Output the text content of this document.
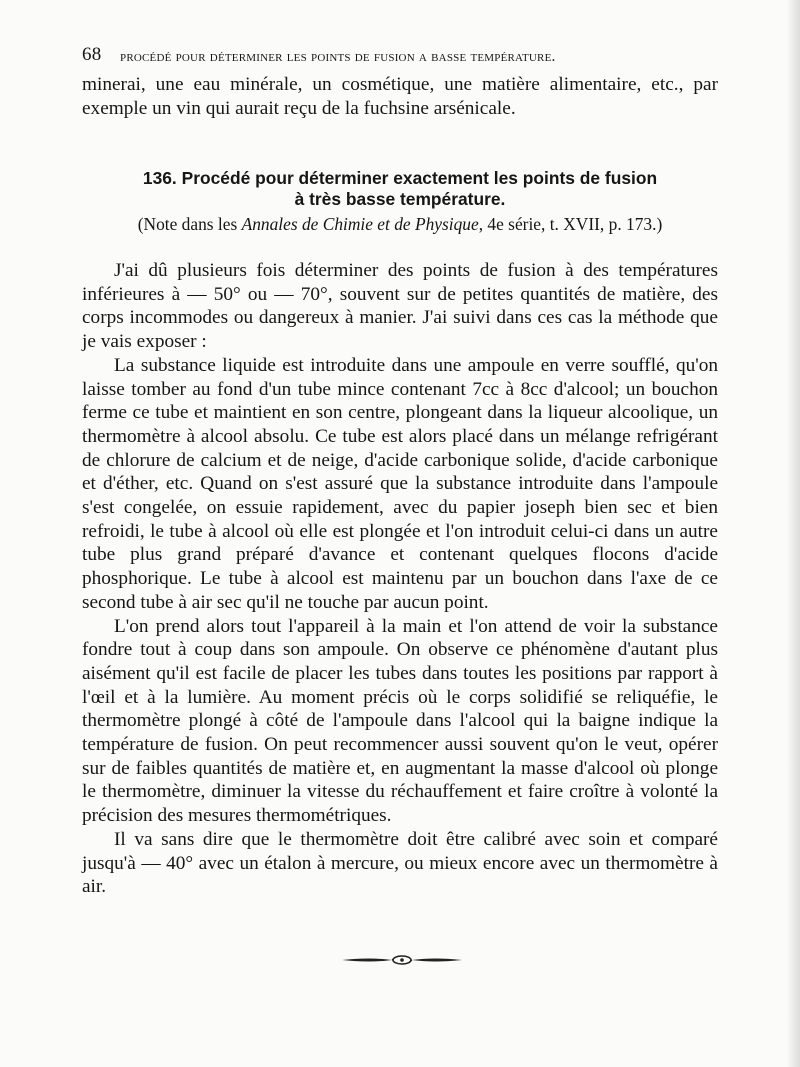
68 procédé pour déterminer les points de fusion a basse température.

minerai, une eau minérale, un cosmétique, une matière alimentaire, etc., par exemple un vin qui aurait reçu de la fuchsine arsénicale.

136. Procédé pour déterminer exactement les points de fusion
à très basse température.
(Note dans les Annales de Chimie et de Physique, 4e série, t. XVII, p. 173.)

J'ai dû plusieurs fois déterminer des points de fusion à des températures inférieures à — 50° ou — 70°, souvent sur de petites quantités de matière, des corps incommodes ou dangereux à manier. J'ai suivi dans ces cas la méthode que je vais exposer :

La substance liquide est introduite dans une ampoule en verre soufflé, qu'on laisse tomber au fond d'un tube mince contenant 7cc à 8cc d'alcool; un bouchon ferme ce tube et maintient en son centre, plongeant dans la liqueur alcoolique, un thermomètre à alcool absolu. Ce tube est alors placé dans un mélange refrigérant de chlorure de calcium et de neige, d'acide carbonique solide, d'acide carbonique et d'éther, etc. Quand on s'est assuré que la substance introduite dans l'ampoule s'est congelée, on essuie rapidement, avec du papier joseph bien sec et bien refroidi, le tube à alcool où elle est plongée et l'on introduit celui-ci dans un autre tube plus grand préparé d'avance et contenant quelques flocons d'acide phosphorique. Le tube à alcool est maintenu par un bouchon dans l'axe de ce second tube à air sec qu'il ne touche par aucun point.

L'on prend alors tout l'appareil à la main et l'on attend de voir la substance fondre tout à coup dans son ampoule. On observe ce phénomène d'autant plus aisément qu'il est facile de placer les tubes dans toutes les positions par rapport à l'œil et à la lumière. Au moment précis où le corps solidifié se reliquéfie, le thermomètre plongé à côté de l'ampoule dans l'alcool qui la baigne indique la température de fusion. On peut recommencer aussi souvent qu'on le veut, opérer sur de faibles quantités de matière et, en augmentant la masse d'alcool où plonge le thermomètre, diminuer la vitesse du réchauffement et faire croître à volonté la précision des mesures thermométriques.

Il va sans dire que le thermomètre doit être calibré avec soin et comparé jusqu'à — 40° avec un étalon à mercure, ou mieux encore avec un thermomètre à air.
